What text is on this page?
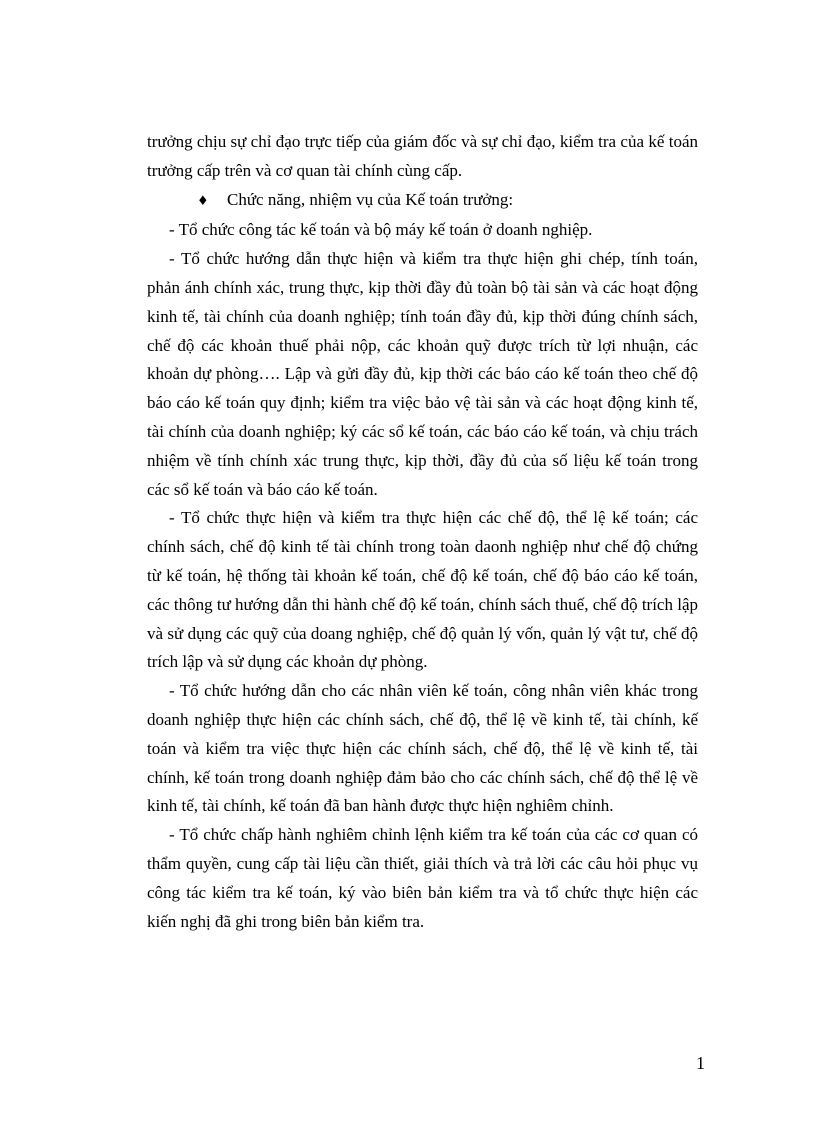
trưởng chịu sự chỉ đạo trực tiếp của giám đốc và sự chỉ đạo, kiểm tra của kế toán trưởng cấp trên và cơ quan tài chính cùng cấp.

♦ Chức năng, nhiệm vụ của Kế toán trưởng:

- Tổ chức công tác kế toán và bộ máy kế toán ở doanh nghiệp.

- Tổ chức hướng dẫn thực hiện và kiểm tra thực hiện ghi chép, tính toán, phản ánh chính xác, trung thực, kịp thời đầy đủ toàn bộ tài sản và các hoạt động kinh tế, tài chính của doanh nghiệp; tính toán đầy đủ, kịp thời đúng chính sách, chế độ các khoản thuế phải nộp, các khoản quỹ được trích từ lợi nhuận, các khoản dự phòng…. Lập và gửi đầy đủ, kịp thời các báo cáo kế toán theo chế độ báo cáo kế toán quy định; kiểm tra việc bảo vệ tài sản và các hoạt động kinh tế, tài chính của doanh nghiệp; ký các sổ kế toán, các báo cáo kế toán, và chịu trách nhiệm về tính chính xác trung thực, kịp thời, đầy đủ của số liệu kế toán trong các sổ kế toán và báo cáo kế toán.

- Tổ chức thực hiện và kiểm tra thực hiện các chế độ, thể lệ kế toán; các chính sách, chế độ kinh tế tài chính trong toàn daonh nghiệp như chế độ chứng từ kế toán, hệ thống tài khoản kế toán, chế độ kế toán, chế độ báo cáo kế toán, các thông tư hướng dẫn thi hành chế độ kế toán, chính sách thuế, chế độ trích lập và sử dụng các quỹ của doang nghiệp, chế độ quản lý vốn, quản lý vật tư, chế độ trích lập và sử dụng các khoản dự phòng.

- Tổ chức hướng dẫn cho các nhân viên kế toán, công nhân viên khác trong doanh nghiệp thực hiện các chính sách, chế độ, thể lệ về kinh tế, tài chính, kế toán và kiểm tra việc thực hiện các chính sách, chế độ, thể lệ về kinh tế, tài chính, kế toán trong doanh nghiệp đảm bảo cho các chính sách, chế độ thể lệ về kinh tế, tài chính, kế toán đã ban hành được thực hiện nghiêm chỉnh.

- Tổ chức chấp hành nghiêm chỉnh lệnh kiểm tra kế toán của các cơ quan có thẩm quyền, cung cấp tài liệu cần thiết, giải thích và trả lời các câu hỏi phục vụ công tác kiểm tra kế toán, ký vào biên bản kiểm tra và tổ chức thực hiện các kiến nghị đã ghi trong biên bản kiểm tra.

1
